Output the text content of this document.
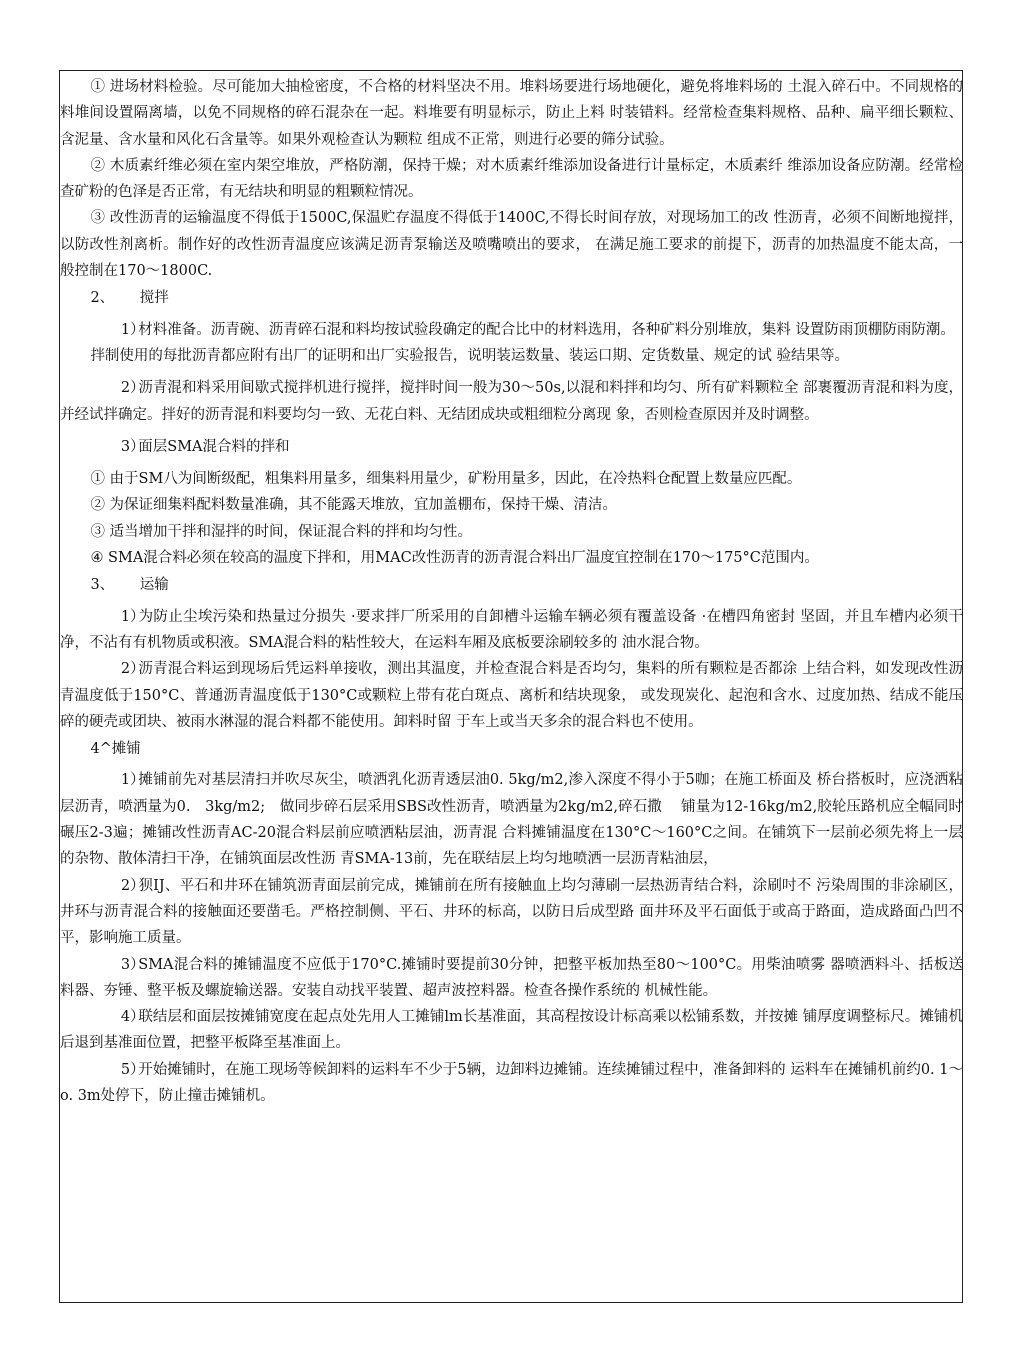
① 进场材料检验。尽可能加大抽检密度，不合格的材料坚决不用。堆料场要进行场地硬化，避免将堆料场的 土混入碎石中。不同规格的料堆间设置隔离墙，以免不同规格的碎石混杂在一起。料堆要有明显标示，防止上料 时装错料。经常检查集料规格、品种、扁平细长颗粒、含泥量、含水量和风化石含量等。如果外观检查认为颗粒 组成不正常，则进行必要的筛分试验。

② 木质素纤维必须在室内架空堆放，严格防潮，保持干燥；对木质素纤维添加设备进行计量标定，木质素纤 维添加设备应防潮。经常检查矿粉的色泽是否正常，有无结块和明显的粗颗粒情况。

③ 改性沥青的运输温度不得低于1500C,保温贮存温度不得低于1400C,不得长时间存放，对现场加工的改 性沥青，必须不间断地搅拌，以防改性剂离析。制作好的改性沥青温度应该满足沥青泵输送及喷嘴喷出的要求， 在满足施工要求的前提下，沥青的加热温度不能太高，一般控制在170～1800C.

2、 搅拌

1）材料准备。沥青碗、沥青碎石混和料均按试验段确定的配合比中的材料选用，各种矿料分别堆放，集料 设置防雨顶棚防雨防潮。

拌制使用的每批沥青都应附有出厂的证明和出厂实验报告，说明装运数量、装运口期、定货数量、规定的试 验结果等。

2）沥青混和料采用间歇式搅拌机进行搅拌，搅拌时间一般为30～50s,以混和料拌和均匀、所有矿料颗粒全 部裹覆沥青混和料为度，并经试拌确定。拌好的沥青混和料要均匀一致、无花白料、无结团成块或粗细粒分离现 象，否则检查原因并及时调整。

3）面层SMA混合料的拌和

① 由于SM八为间断级配，粗集料用量多，细集料用量少，矿粉用量多，因此，在冷热料仓配置上数量应匹配。

② 为保证细集料配料数量准确，其不能露天堆放，宜加盖棚布，保持干燥、清洁。

③ 适当增加干拌和湿拌的时间，保证混合料的拌和均匀性。

④ SMA混合料必须在较高的温度下拌和，用MAC改性沥青的沥青混合料出厂温度宜控制在170～175°C范围内。

3、 运输

1）为防止尘埃污染和热量过分损失 ·要求拌厂所采用的自卸槽斗运输车辆必须有覆盖设备 ·在槽四角密封 坚固，并且车槽内必须干净，不沾有有机物质或积液。SMA混合料的粘性较大，在运料车厢及底板要涂刷较多的 油水混合物。

2）沥青混合料运到现场后凭运料单接收，测出其温度，并检查混合料是否均匀，集料的所有颗粒是否都涂 上结合料，如发现改性沥青温度低于150°C、普通沥青温度低于130°C或颗粒上带有花白斑点、离析和结块现象， 或发现炭化、起泡和含水、过度加热、结成不能压碎的硬壳或团块、被雨水淋湿的混合料都不能使用。卸料时留 于车上或当天多余的混合料也不使用。

4^摊铺

1）摊铺前先对基层清扫并吹尽灰尘，喷洒乳化沥青透层油0. 5kg/m2,渗入深度不得小于5咖；在施工桥面及 桥台搭板时，应浇洒粘层沥青，喷洒量为0.　3kg/m2;　做同步碎石层采用SBS改性沥青，喷洒量为2kg/m2,碎石撒　 铺量为12-16kg/m2,胶轮压路机应全幅同时碾压2-3遍；摊铺改性沥青AC-20混合料层前应喷洒粘层油，沥青混 合料摊铺温度在130°C～160°C之间。在铺筑下一层前必须先将上一层的杂物、散体清扫干净，在铺筑面层改性沥 青SMA-13前，先在联结层上均匀地喷洒一层沥青粘油层，

2）狈IJ、平石和井环在铺筑沥青面层前完成，摊铺前在所有接触血上均匀薄刷一层热沥青结合料，涂刷吋不 污染周围的非涂刷区，井环与沥青混合料的接触面还要凿毛。严格控制侧、平石、井环的标高，以防日后成型路 面井环及平石面低于或高于路面，造成路面凸凹不平，影响施工质量。

3）SMA混合料的摊铺温度不应低于170°C.摊铺时要提前30分钟，把整平板加热至80～100°C。用柴油喷雾 器喷洒料斗、括板送料器、夯锤、整平板及螺旋输送器。安装自动找平装置、超声波控料器。检查各操作系统的 机械性能。

4）联结层和面层按摊铺宽度在起点处先用人工摊铺lm长基准面，其高程按设计标高乘以松铺系数，并按摊 铺厚度调整标尺。摊铺机后退到基准面位置，把整平板降至基准面上。

5）开始摊铺时，在施工现场等候卸料的运料车不少于5辆，边卸料边摊铺。连续摊铺过程中，准备卸料的 运料车在摊铺机前约0. 1～o. 3m处停下，防止撞击摊铺机。
